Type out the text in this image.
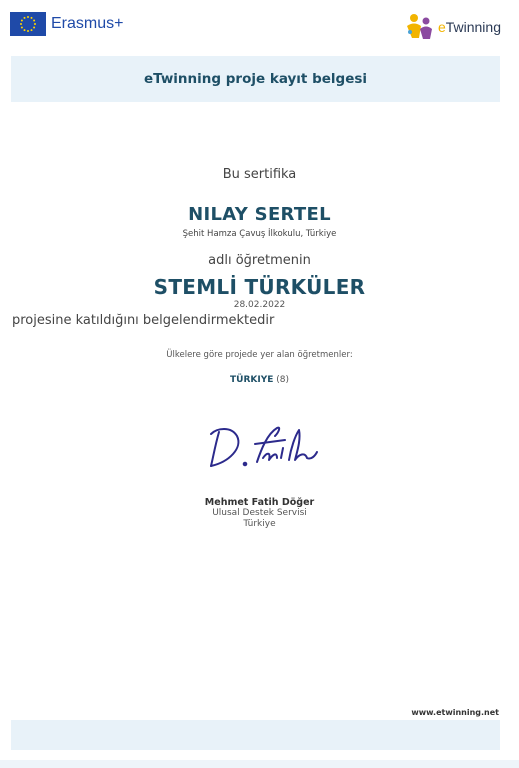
Erasmus+	eTwinning
eTwinning proje kayıt belgesi
Bu sertifika
NILAY SERTEL
Şehit Hamza Çavuş İlkokulu, Türkiye
adlı öğretmenin
STEMLİ TÜRKÜLER
28.02.2022
projesine katıldığını belgelendirmektedir
Ülkelere göre projede yer alan öğretmenler:
TÜRKIYE (8)
Mehmet Fatih Döğer
Ulusal Destek Servisi
Türkiye
www.etwinning.net
